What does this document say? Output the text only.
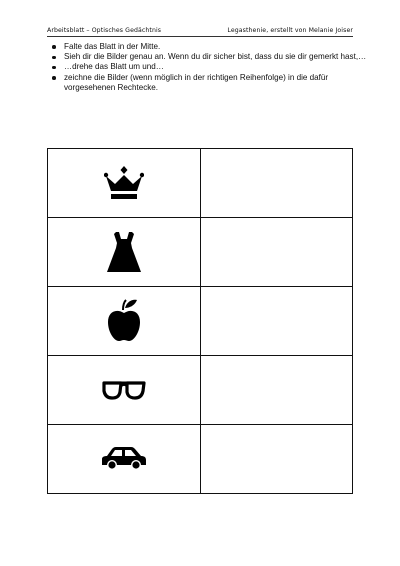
Arbeitsblatt – Optisches Gedächtnis	Legasthenie, erstellt von Melanie Joiser
Falte das Blatt in der Mitte.
Sieh dir die Bilder genau an. Wenn du dir sicher bist, dass du sie dir gemerkt hast,…
…drehe das Blatt um und…
zeichne die Bilder (wenn möglich in der richtigen Reihenfolge) in die dafür vorgesehenen Rechtecke.
